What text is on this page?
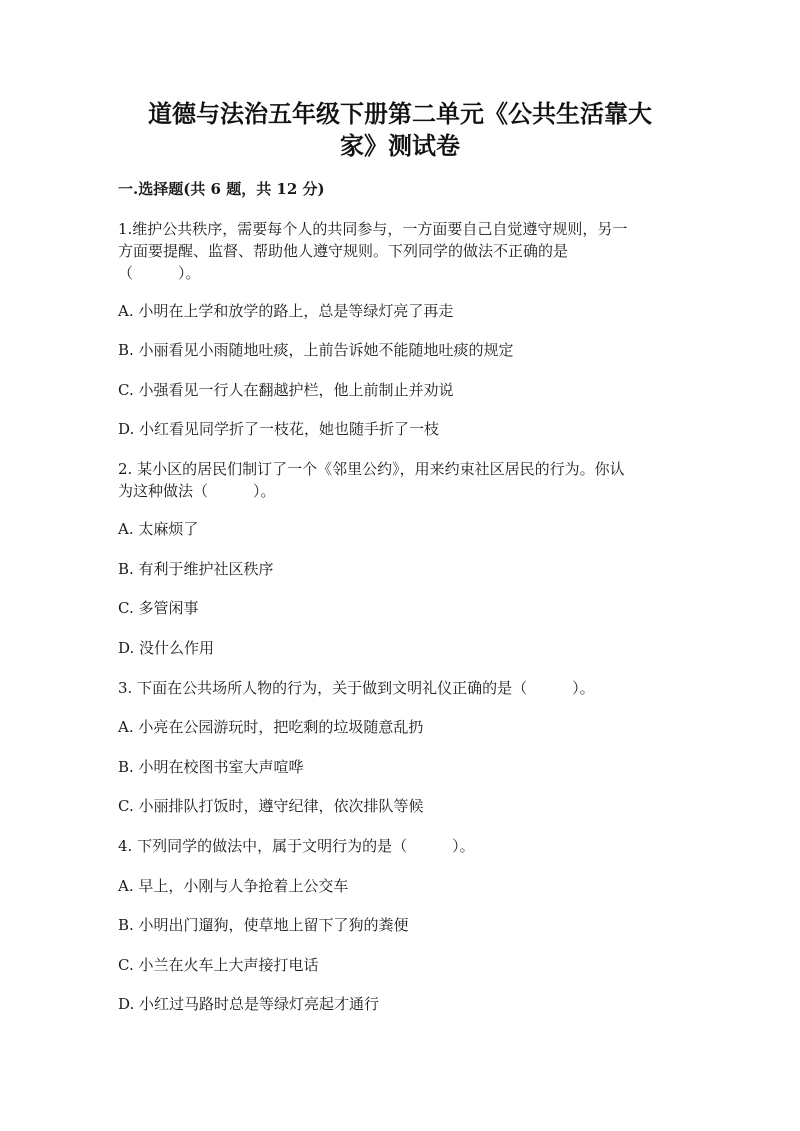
道德与法治五年级下册第二单元《公共生活靠大
家》测试卷
一.选择题(共 6 题，共 12 分)
1.维护公共秩序，需要每个人的共同参与，一方面要自己自觉遵守规则，另一
方面要提醒、监督、帮助他人遵守规则。下列同学的做法不正确的是
（　　　）。
A. 小明在上学和放学的路上，总是等绿灯亮了再走
B. 小丽看见小雨随地吐痰，上前告诉她不能随地吐痰的规定
C. 小强看见一行人在翻越护栏，他上前制止并劝说
D. 小红看见同学折了一枝花，她也随手折了一枝
2. 某小区的居民们制订了一个《邻里公约》，用来约束社区居民的行为。你认
为这种做法（　　　）。
A. 太麻烦了
B. 有利于维护社区秩序
C. 多管闲事
D. 没什么作用
3. 下面在公共场所人物的行为，关于做到文明礼仪正确的是（　　　）。
A. 小亮在公园游玩时，把吃剩的垃圾随意乱扔
B. 小明在校图书室大声喧哗
C. 小丽排队打饭时，遵守纪律，依次排队等候
4. 下列同学的做法中，属于文明行为的是（　　　）。
A. 早上，小刚与人争抢着上公交车
B. 小明出门遛狗，使草地上留下了狗的粪便
C. 小兰在火车上大声接打电话
D. 小红过马路时总是等绿灯亮起才通行
